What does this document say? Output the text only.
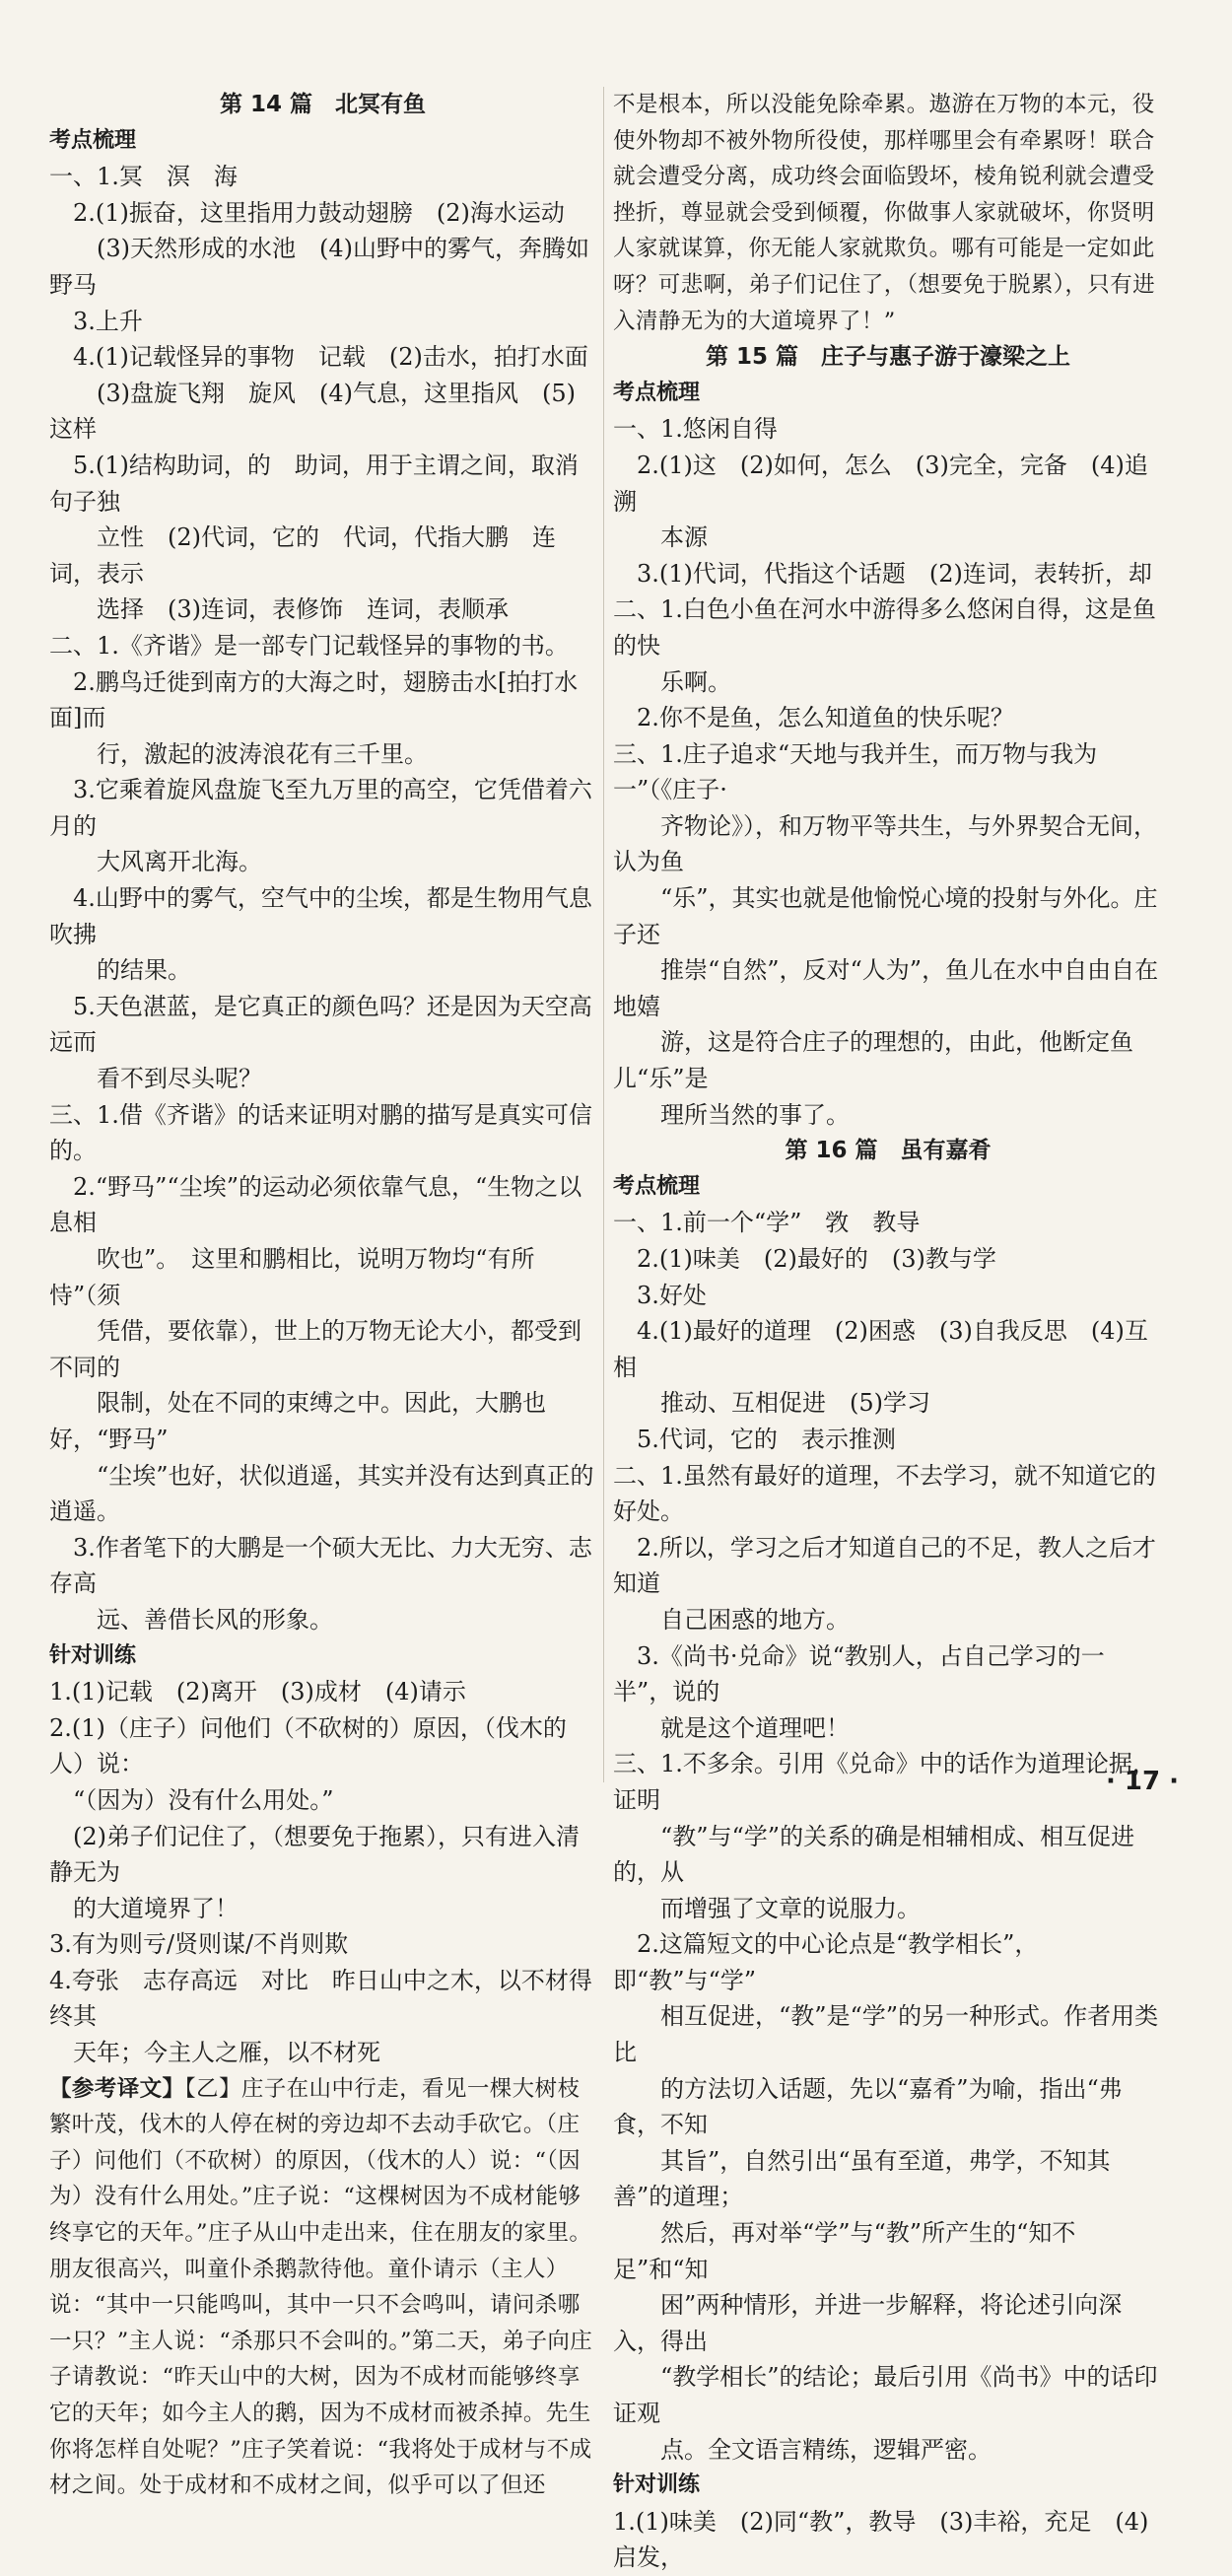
第 14 篇　北冥有鱼
考点梳理
一、1.冥　溟　海
　2.(1)振奋，这里指用力鼓动翅膀　(2)海水运动
　　(3)天然形成的水池　(4)山野中的雾气，奔腾如野马
　3.上升
　4.(1)记载怪异的事物　记载　(2)击水，拍打水面
　　(3)盘旋飞翔　旋风　(4)气息，这里指风　(5)这样
　5.(1)结构助词，的　助词，用于主谓之间，取消句子独
　　立性　(2)代词，它的　代词，代指大鹏　连词，表示
　　选择　(3)连词，表修饰　连词，表顺承
二、1.《齐谐》是一部专门记载怪异的事物的书。
　2.鹏鸟迁徙到南方的大海之时，翅膀击水[拍打水面]而
　　行，激起的波涛浪花有三千里。
　3.它乘着旋风盘旋飞至九万里的高空，它凭借着六月的
　　大风离开北海。
　4.山野中的雾气，空气中的尘埃，都是生物用气息吹拂
　　的结果。
　5.天色湛蓝，是它真正的颜色吗？还是因为天空高远而
　　看不到尽头呢？
三、1.借《齐谐》的话来证明对鹏的描写是真实可信的。
　2.“野马”“尘埃”的运动必须依靠气息，“生物之以息相
　　吹也”。　这里和鹏相比，说明万物均“有所恃”（须
　　凭借，要依靠），世上的万物无论大小，都受到不同的
　　限制，处在不同的束缚之中。因此，大鹏也好，“野马”
　　“尘埃”也好，状似逍遥，其实并没有达到真正的逍遥。
　3.作者笔下的大鹏是一个硕大无比、力大无穷、志存高
　　远、善借长风的形象。
针对训练
1.(1)记载　(2)离开　(3)成材　(4)请示
2.(1)（庄子）问他们（不砍树的）原因，（伐木的人）说：
　“（因为）没有什么用处。”
　(2)弟子们记住了，（想要免于拖累），只有进入清静无为
　的大道境界了！
3.有为则亏/贤则谋/不肖则欺
4.夸张　志存高远　对比　昨日山中之木，以不材得终其
　天年；今主人之雁，以不材死
【参考译文】【乙】庄子在山中行走，看见一棵大树枝繁叶茂，伐木的人停在树的旁边却不去动手砍它。（庄子）问他们（不砍树）的原因，（伐木的人）说：“（因为）没有什么用处。”庄子说：“这棵树因为不成材能够终享它的天年。”庄子从山中走出来，住在朋友的家里。朋友很高兴，叫童仆杀鹅款待他。童仆请示（主人）说：“其中一只能鸣叫，其中一只不会鸣叫，请问杀哪一只？”主人说：“杀那只不会叫的。”第二天，弟子向庄子请教说：“昨天山中的大树，因为不成材而能够终享它的天年；如今主人的鹅，因为不成材而被杀掉。先生你将怎样自处呢？”庄子笑着说：“我将处于成材与不成材之间。处于成材和不成材之间，似乎可以了但还
不是根本，所以没能免除牵累。遨游在万物的本元，役使外物却不被外物所役使，那样哪里会有牵累呀！联合就会遭受分离，成功终会面临毁坏，棱角锐利就会遭受挫折，尊显就会受到倾覆，你做事人家就破坏，你贤明人家就谋算，你无能人家就欺负。哪有可能是一定如此呀？可悲啊，弟子们记住了，（想要免于脱累），只有进入清静无为的大道境界了！”
第 15 篇　庄子与惠子游于濠梁之上
考点梳理
一、1.悠闲自得
　2.(1)这　(2)如何，怎么　(3)完全，完备　(4)追溯
　　本源
　3.(1)代词，代指这个话题　(2)连词，表转折，却
二、1.白色小鱼在河水中游得多么悠闲自得，这是鱼的快
　　乐啊。
　2.你不是鱼，怎么知道鱼的快乐呢？
三、1.庄子追求“天地与我并生，而万物与我为一”（《庄子·
　　齐物论》），和万物平等共生，与外界契合无间，认为鱼
　　“乐”，其实也就是他愉悦心境的投射与外化。庄子还
　　推崇“自然”，反对“人为”，鱼儿在水中自由自在地嬉
　　游，这是符合庄子的理想的，由此，他断定鱼儿“乐”是
　　理所当然的事了。
第 16 篇　虽有嘉肴
考点梳理
一、1.前一个“学”　敩　教导
　2.(1)味美　(2)最好的　(3)教与学
　3.好处
　4.(1)最好的道理　(2)困惑　(3)自我反思　(4)互相
　　推动、互相促进　(5)学习
　5.代词，它的　表示推测
二、1.虽然有最好的道理，不去学习，就不知道它的好处。
　2.所以，学习之后才知道自己的不足，教人之后才知道
　　自己困惑的地方。
　3.《尚书·兑命》说“教别人，占自己学习的一半”，说的
　　就是这个道理吧！
三、1.不多余。引用《兑命》中的话作为道理论据，证明
　　“教”与“学”的关系的确是相辅相成、相互促进的，从
　　而增强了文章的说服力。
　2.这篇短文的中心论点是“教学相长”，即“教”与“学”
　　相互促进，“教”是“学”的另一种形式。作者用类比
　　的方法切入话题，先以“嘉肴”为喻，指出“弗食，不知
　　其旨”，自然引出“虽有至道，弗学，不知其善”的道理；
　　然后，再对举“学”与“教”所产生的“知不足”和“知
　　困”两种情形，并进一步解释，将论述引向深入，得出
　　“教学相长”的结论；最后引用《尚书》中的话印证观
　　点。全文语言精练，逻辑严密。
针对训练
1.(1)味美　(2)同“教”，教导　(3)丰裕，充足　(4)启发，
· 17 ·
